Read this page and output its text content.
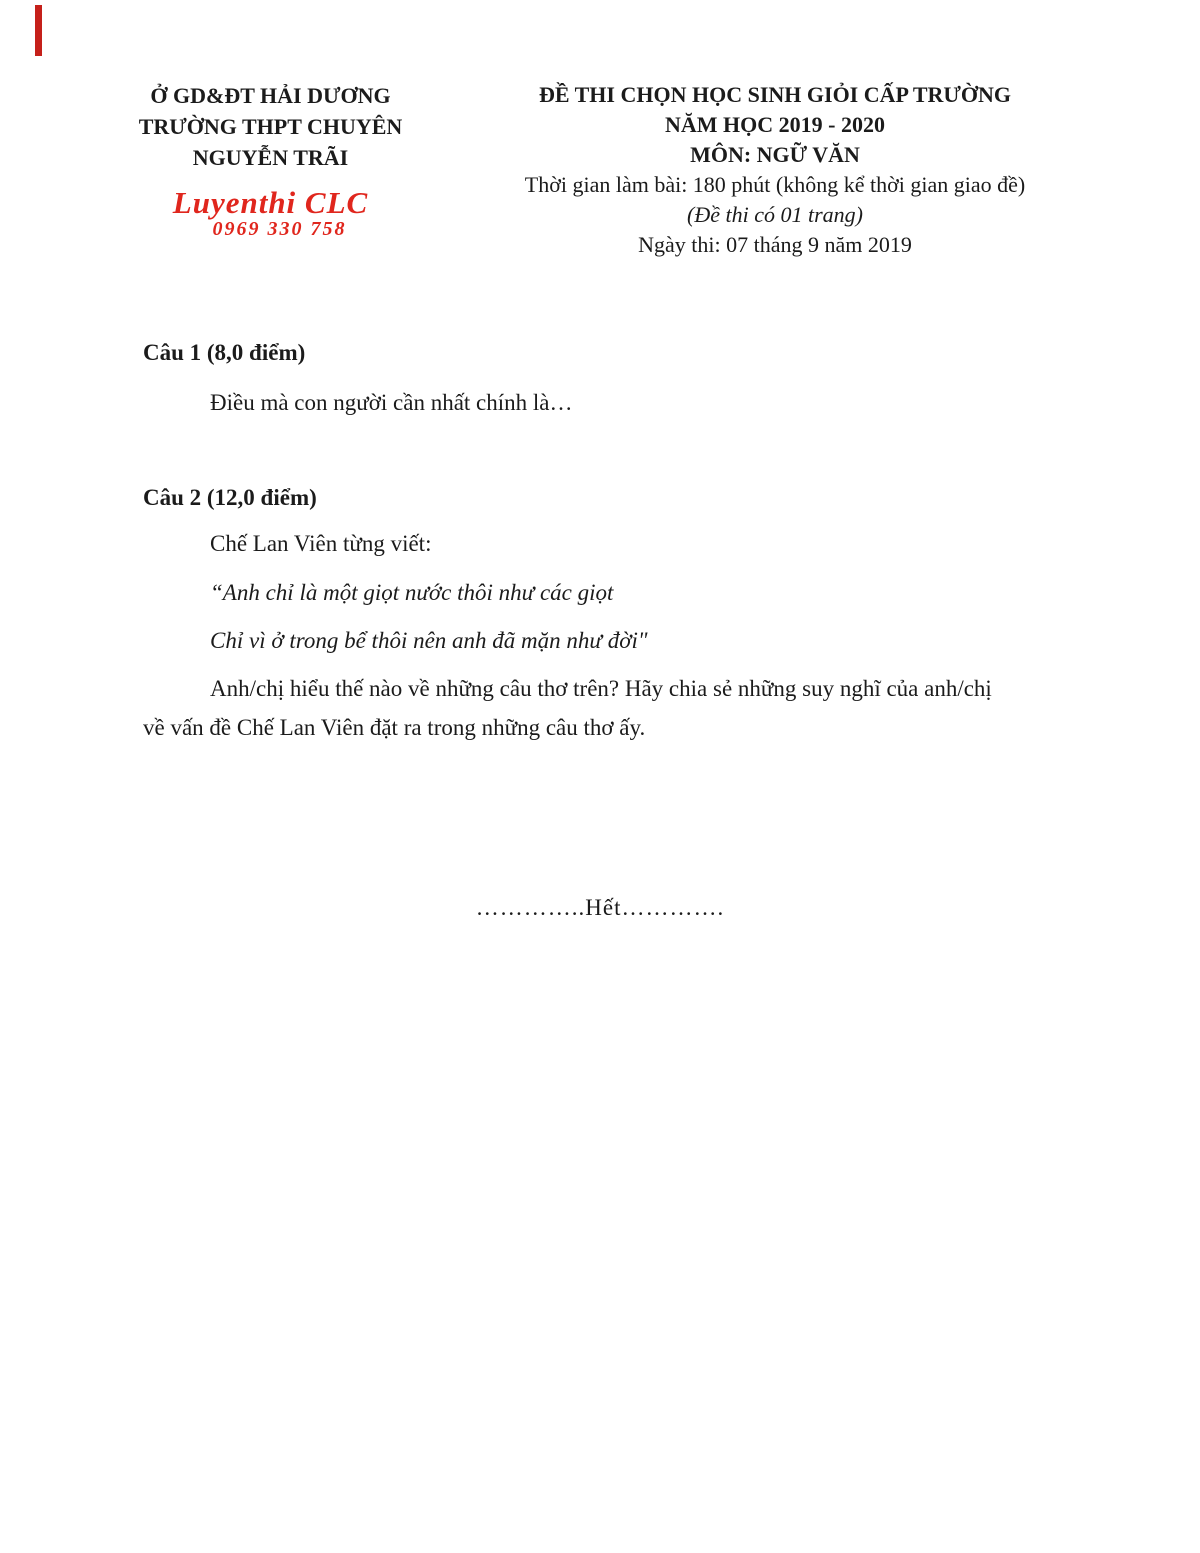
Ở GD&ĐT HẢI DƯƠNG
TRƯỜNG THPT CHUYÊN
NGUYỄN TRÃI
Luyenthi CLC
0969 330 758
ĐỀ THI CHỌN HỌC SINH GIỎI CẤP TRƯỜNG
NĂM HỌC 2019 - 2020
MÔN: NGỮ VĂN
Thời gian làm bài: 180 phút (không kể thời gian giao đề)
(Đề thi có 01 trang)
Ngày thi: 07 tháng 9 năm 2019
Câu 1 (8,0 điểm)
Điều mà con người cần nhất chính là…
Câu 2 (12,0 điểm)
Chế Lan Viên từng viết:
“Anh chỉ là một giọt nước thôi như các giọt
Chỉ vì ở trong bể thôi nên anh đã mặn như đời"
Anh/chị hiểu thế nào về những câu thơ trên? Hãy chia sẻ những suy nghĩ của anh/chị
về vấn đề Chế Lan Viên đặt ra trong những câu thơ ấy.
…………..Hết………….
